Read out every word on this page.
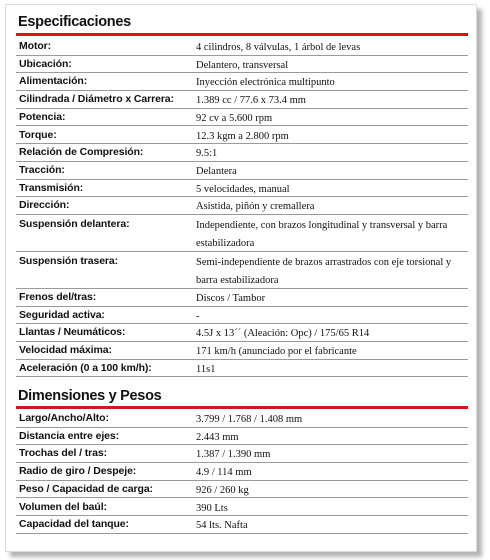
Especificaciones
Motor:	4 cilindros, 8 válvulas, 1 árbol de levas
Ubicación:	Delantero, transversal
Alimentación:	Inyección electrónica multipunto
Cilindrada / Diámetro x Carrera: 1.389 cc / 77.6 x 73.4 mm
Potencia:	92 cv a 5.600 rpm
Torque:	12.3 kgm a 2.800 rpm
Relación de Compresión:	9.5:1
Tracción:	Delantera
Transmisión:	5 velocidades, manual
Dirección:	Asistida, piñón y cremallera
Suspensión delantera:	Independiente, con brazos longitudinal y transversal y barra estabilizadora
Suspensión trasera:	Semi-independiente de brazos arrastrados con eje torsional y barra estabilizadora
Frenos del/tras:	Discos / Tambor
Seguridad activa:	-
Llantas / Neumáticos:	4.5J x 13´´ (Aleación: Opc) / 175/65 R14
Velocidad máxima:	171 km/h (anunciado por el fabricante
Aceleración (0 a 100 km/h):	11s1
Dimensiones y Pesos
Largo/Ancho/Alto:	3.799 / 1.768 / 1.408 mm
Distancia entre ejes:	2.443 mm
Trochas del / tras:	1.387 / 1.390 mm
Radio de giro / Despeje:	4.9 / 114 mm
Peso / Capacidad de carga:	926 / 260 kg
Volumen del baúl:	390 Lts
Capacidad del tanque:	54 lts. Nafta
